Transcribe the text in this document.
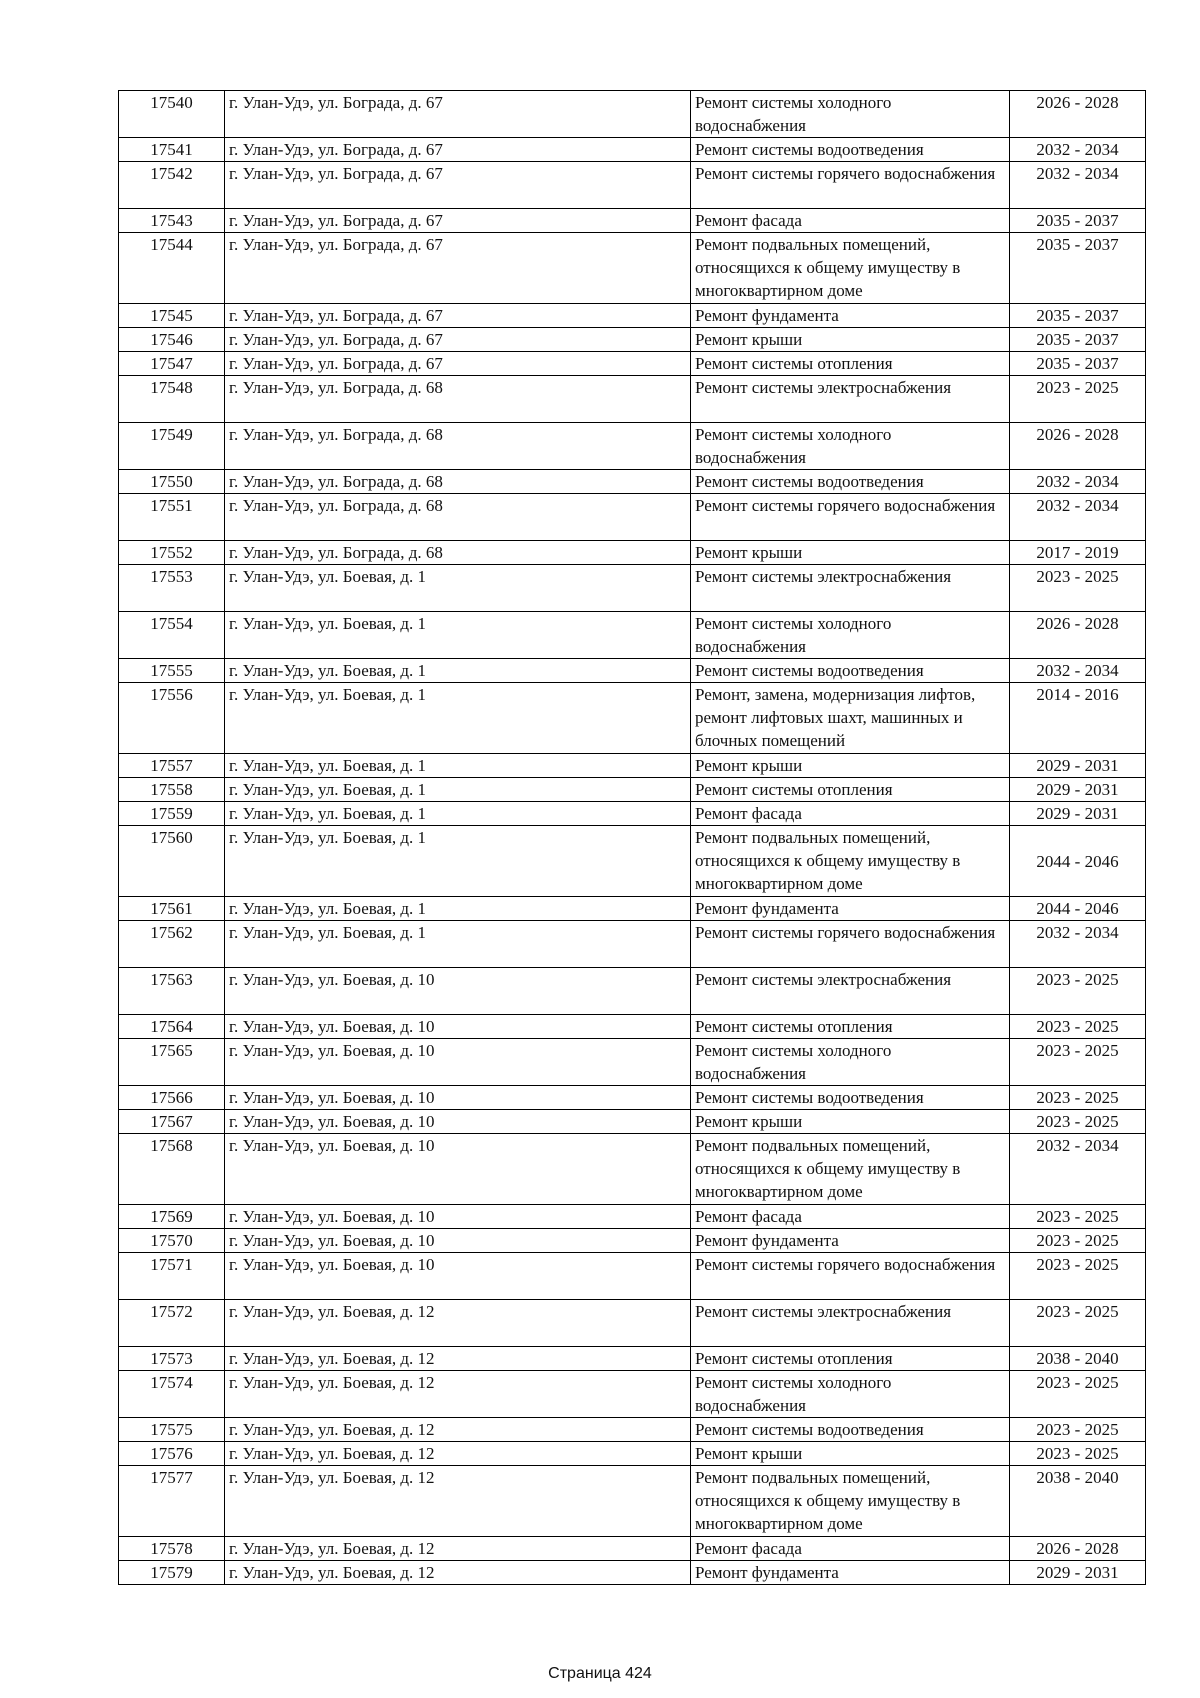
17540	г. Улан-Удэ, ул. Бограда, д. 67	Ремонт системы холодного водоснабжения	2026 - 2028
17541	г. Улан-Удэ, ул. Бограда, д. 67	Ремонт системы водоотведения	2032 - 2034
17542	г. Улан-Удэ, ул. Бограда, д. 67	Ремонт системы горячего водоснабжения	2032 - 2034
17543	г. Улан-Удэ, ул. Бограда, д. 67	Ремонт фасада	2035 - 2037
17544	г. Улан-Удэ, ул. Бограда, д. 67	Ремонт подвальных помещений, относящихся к общему имуществу в многоквартирном доме	2035 - 2037
17545	г. Улан-Удэ, ул. Бограда, д. 67	Ремонт фундамента	2035 - 2037
17546	г. Улан-Удэ, ул. Бограда, д. 67	Ремонт крыши	2035 - 2037
17547	г. Улан-Удэ, ул. Бограда, д. 67	Ремонт системы отопления	2035 - 2037
17548	г. Улан-Удэ, ул. Бограда, д. 68	Ремонт системы электроснабжения	2023 - 2025
17549	г. Улан-Удэ, ул. Бограда, д. 68	Ремонт системы холодного водоснабжения	2026 - 2028
17550	г. Улан-Удэ, ул. Бограда, д. 68	Ремонт системы водоотведения	2032 - 2034
17551	г. Улан-Удэ, ул. Бограда, д. 68	Ремонт системы горячего водоснабжения	2032 - 2034
17552	г. Улан-Удэ, ул. Бограда, д. 68	Ремонт крыши	2017 - 2019
17553	г. Улан-Удэ, ул. Боевая, д. 1	Ремонт системы электроснабжения	2023 - 2025
17554	г. Улан-Удэ, ул. Боевая, д. 1	Ремонт системы холодного водоснабжения	2026 - 2028
17555	г. Улан-Удэ, ул. Боевая, д. 1	Ремонт системы водоотведения	2032 - 2034
17556	г. Улан-Удэ, ул. Боевая, д. 1	Ремонт, замена, модернизация лифтов, ремонт лифтовых шахт, машинных и блочных помещений	2014 - 2016
17557	г. Улан-Удэ, ул. Боевая, д. 1	Ремонт крыши	2029 - 2031
17558	г. Улан-Удэ, ул. Боевая, д. 1	Ремонт системы отопления	2029 - 2031
17559	г. Улан-Удэ, ул. Боевая, д. 1	Ремонт фасада	2029 - 2031
17560	г. Улан-Удэ, ул. Боевая, д. 1	Ремонт подвальных помещений, относящихся к общему имуществу в многоквартирном доме	2044 - 2046
17561	г. Улан-Удэ, ул. Боевая, д. 1	Ремонт фундамента	2044 - 2046
17562	г. Улан-Удэ, ул. Боевая, д. 1	Ремонт системы горячего водоснабжения	2032 - 2034
17563	г. Улан-Удэ, ул. Боевая, д. 10	Ремонт системы электроснабжения	2023 - 2025
17564	г. Улан-Удэ, ул. Боевая, д. 10	Ремонт системы отопления	2023 - 2025
17565	г. Улан-Удэ, ул. Боевая, д. 10	Ремонт системы холодного водоснабжения	2023 - 2025
17566	г. Улан-Удэ, ул. Боевая, д. 10	Ремонт системы водоотведения	2023 - 2025
17567	г. Улан-Удэ, ул. Боевая, д. 10	Ремонт крыши	2023 - 2025
17568	г. Улан-Удэ, ул. Боевая, д. 10	Ремонт подвальных помещений, относящихся к общему имуществу в многоквартирном доме	2032 - 2034
17569	г. Улан-Удэ, ул. Боевая, д. 10	Ремонт фасада	2023 - 2025
17570	г. Улан-Удэ, ул. Боевая, д. 10	Ремонт фундамента	2023 - 2025
17571	г. Улан-Удэ, ул. Боевая, д. 10	Ремонт системы горячего водоснабжения	2023 - 2025
17572	г. Улан-Удэ, ул. Боевая, д. 12	Ремонт системы электроснабжения	2023 - 2025
17573	г. Улан-Удэ, ул. Боевая, д. 12	Ремонт системы отопления	2038 - 2040
17574	г. Улан-Удэ, ул. Боевая, д. 12	Ремонт системы холодного водоснабжения	2023 - 2025
17575	г. Улан-Удэ, ул. Боевая, д. 12	Ремонт системы водоотведения	2023 - 2025
17576	г. Улан-Удэ, ул. Боевая, д. 12	Ремонт крыши	2023 - 2025
17577	г. Улан-Удэ, ул. Боевая, д. 12	Ремонт подвальных помещений, относящихся к общему имуществу в многоквартирном доме	2038 - 2040
17578	г. Улан-Удэ, ул. Боевая, д. 12	Ремонт фасада	2026 - 2028
17579	г. Улан-Удэ, ул. Боевая, д. 12	Ремонт фундамента	2029 - 2031
Страница 424
